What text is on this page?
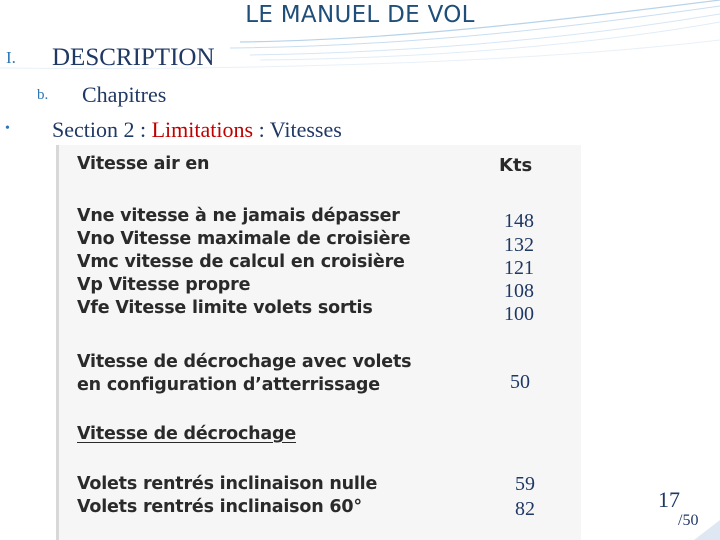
LE MANUEL DE VOL
I. DESCRIPTION
b. Chapitres
• Section 2 : Limitations : Vitesses
Vitesse air en	Kts
Vne vitesse à ne jamais dépasser
Vno Vitesse maximale de croisière
Vmc vitesse de calcul en croisière
Vp Vitesse propre
Vfe Vitesse limite volets sortis
Vitesse de décrochage avec volets
en configuration d’atterrissage
Vitesse de décrochage
Volets rentrés inclinaison nulle
Volets rentrés inclinaison 60°
148
132
121
108
100
50
59
82	17
/50
